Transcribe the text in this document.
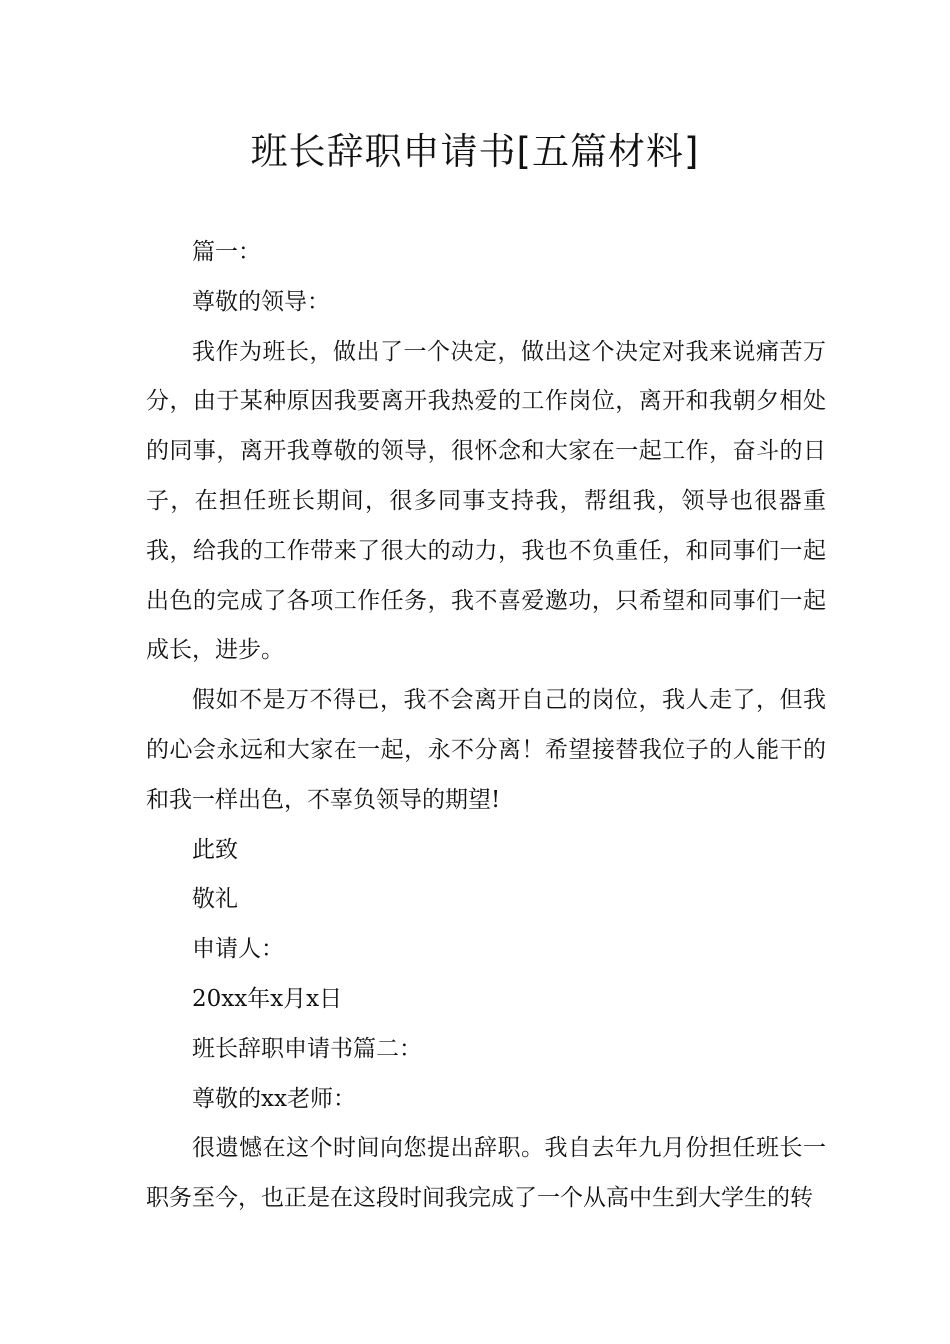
班长辞职申请书[五篇材料]

篇一：

尊敬的领导：

我作为班长，做出了一个决定，做出这个决定对我来说痛苦万分，由于某种原因我要离开我热爱的工作岗位，离开和我朝夕相处的同事，离开我尊敬的领导，很怀念和大家在一起工作，奋斗的日子，在担任班长期间，很多同事支持我，帮组我，领导也很器重我，给我的工作带来了很大的动力，我也不负重任，和同事们一起出色的完成了各项工作任务，我不喜爱邀功，只希望和同事们一起成长，进步。

假如不是万不得已，我不会离开自己的岗位，我人走了，但我的心会永远和大家在一起，永不分离！希望接替我位子的人能干的和我一样出色，不辜负领导的期望!

此致

敬礼

申请人：

20xx年x月x日

班长辞职申请书篇二：

尊敬的xx老师：

很遗憾在这个时间向您提出辞职。我自去年九月份担任班长一职务至今，也正是在这段时间我完成了一个从高中生到大学生的转
